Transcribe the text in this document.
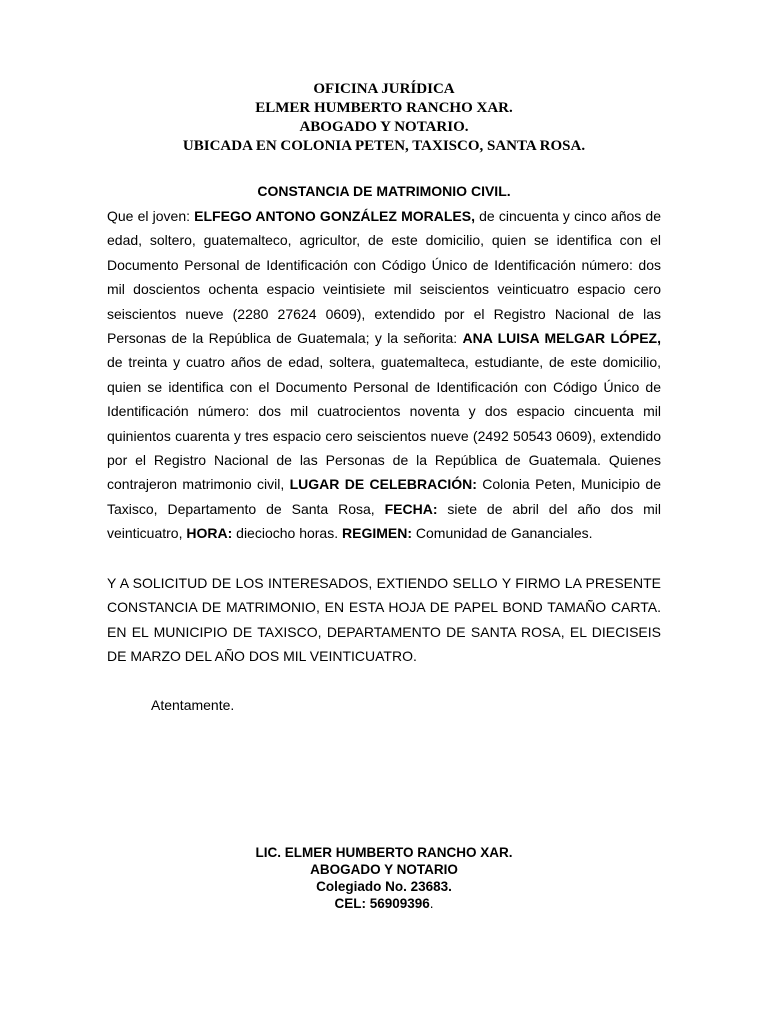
OFICINA JURÍDICA
ELMER HUMBERTO RANCHO XAR.
ABOGADO Y NOTARIO.
UBICADA EN COLONIA PETEN, TAXISCO, SANTA ROSA.
CONSTANCIA DE MATRIMONIO CIVIL.

Que el joven: ELFEGO ANTONO GONZÁLEZ MORALES, de cincuenta y cinco años de edad, soltero, guatemalteco, agricultor, de este domicilio, quien se identifica con el Documento Personal de Identificación con Código Único de Identificación número: dos mil doscientos ochenta espacio veintisiete mil seiscientos veinticuatro espacio cero seiscientos nueve (2280 27624 0609), extendido por el Registro Nacional de las Personas de la República de Guatemala; y la señorita: ANA LUISA MELGAR LÓPEZ, de treinta y cuatro años de edad, soltera, guatemalteca, estudiante, de este domicilio, quien se identifica con el Documento Personal de Identificación con Código Único de Identificación número: dos mil cuatrocientos noventa y dos espacio cincuenta mil quinientos cuarenta y tres espacio cero seiscientos nueve (2492 50543 0609), extendido por el Registro Nacional de las Personas de la República de Guatemala. Quienes contrajeron matrimonio civil, LUGAR DE CELEBRACIÓN: Colonia Peten, Municipio de Taxisco, Departamento de Santa Rosa, FECHA: siete de abril del año dos mil veinticuatro, HORA: dieciocho horas. REGIMEN: Comunidad de Gananciales.

Y A SOLICITUD DE LOS INTERESADOS, EXTIENDO SELLO Y FIRMO LA PRESENTE CONSTANCIA DE MATRIMONIO, EN ESTA HOJA DE PAPEL BOND TAMAÑO CARTA. EN EL MUNICIPIO DE TAXISCO, DEPARTAMENTO DE SANTA ROSA, EL DIECISEIS DE MARZO DEL AÑO DOS MIL VEINTICUATRO.

Atentamente.
LIC. ELMER HUMBERTO RANCHO XAR.
ABOGADO Y NOTARIO
Colegiado No. 23683.
CEL: 56909396.
